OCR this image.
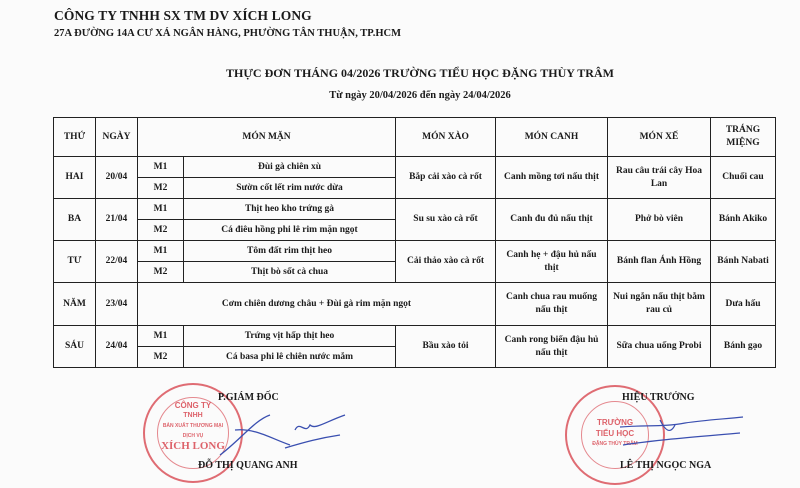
CÔNG TY TNHH SX TM DV XÍCH LONG
27A ĐƯỜNG 14A CƯ XÁ NGÂN HÀNG, PHƯỜNG TÂN THUẬN, TP.HCM
THỰC ĐƠN THÁNG 04/2026 TRƯỜNG TIỂU HỌC ĐẶNG THÙY TRÂM
Từ ngày 20/04/2026 đến ngày 24/04/2026
THỨ	NGÀY	MÓN MẶN		MÓN XÀO	MÓN CANH	MÓN XẾ	TRÁNG MIỆNG
HAI	20/04	M1	Đùi gà chiên xù	Bắp cải xào cà rốt	Canh mồng tơi nấu thịt	Rau câu trái cây Hoa Lan	Chuối cau
		M2	Sườn cốt lết rim nước dừa				
BA	21/04	M1	Thịt heo kho trứng gà	Su su xào cà rốt	Canh đu đủ nấu thịt	Phở bò viên	Bánh Akiko
		M2	Cá điêu hồng phi lê rim mặn ngọt				
TƯ	22/04	M1	Tôm đất rim thịt heo	Cải thảo xào cà rốt	Canh hẹ + đậu hủ nấu thịt	Bánh flan Ánh Hồng	Bánh Nabati
		M2	Thịt bò sốt cà chua				
NĂM	23/04	Cơm chiên dương châu + Đùi gà rim mặn ngọt			Canh chua rau muống nấu thịt	Nui ngắn nấu thịt bằm rau củ	Dưa hấu
SÁU	24/04	M1	Trứng vịt hấp thịt heo	Bầu xào tỏi	Canh rong biển đậu hủ nấu thịt	Sữa chua uống Probi	Bánh gạo
		M2	Cá basa phi lê chiên nước mắm				
CÔNG TY
TNHH
BẢN XUẤT THƯƠNG MẠI
DỊCH VỤ
XÍCH LONG
P.GIÁM ĐỐC
ĐỖ THỊ QUANG ANH
TRƯỜNG
TIỂU HỌC
ĐẶNG THÙY TRÂM
HIỆU TRƯỞNG
LÊ THỊ NGỌC NGA
